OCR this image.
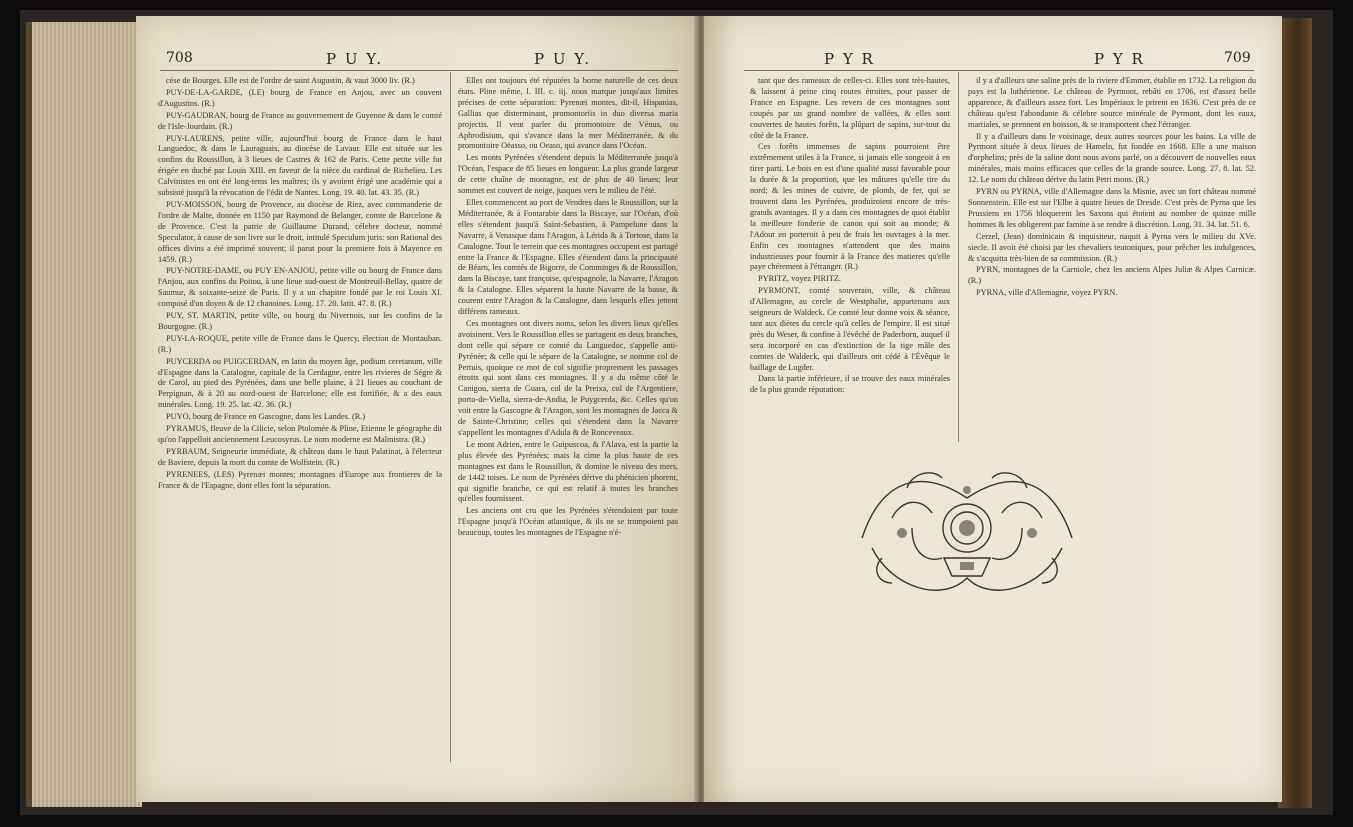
708	P U Y.	P U Y.

cése de Bourges. Elle est de l'ordre de saint Augustin, & vaut 3000 liv. (R.)

PUY-DE-LA-GARDE, (LE) bourg de France en Anjou, avec un couvent d'Augustins. (R.)

PUY-GAUDRAN, bourg de France au gouvernement de Guyenne & dans le comté de l'Isle-Jourdain. (R.)

PUY-LAURENS, petite ville, aujourd'hui bourg de France dans le haut Languedoc, & dans le Lauraguais, au diocèse de Lavaur. Elle est située sur les confins du Roussillon, à 3 lieues de Castres & 162 de Paris. Cette petite ville fut érigée en duché par Louis XIII. en faveur de la nièce du cardinal de Richelieu. Les Calvinistes en ont été long-tems les maîtres; ils y avoient érigé une académie qui a subsisté jusqu'à la révocation de l'édit de Nantes. Long. 19. 40. lat. 43. 35. (R.)

PUY-MOISSON, bourg de Provence, au diocèse de Riez, avec commanderie de l'ordre de Malte, donnée en 1150 par Raymond de Belanger, comte de Barcelone & de Provence. C'est la patrie de Guillaume Durand, célebre docteur, nommé Speculator, à cause de son livre sur le droit, intitulé Speculum juris: son Rational des offices divins a été imprimé souvent; il parut pour la premiere fois à Mayence en 1459. (R.)

PUY-NOTRE-DAME, ou PUY EN-ANJOU, petite ville ou bourg de France dans l'Anjou, aux confins du Poitou, à une lieue sud-ouest de Montreuil-Bellay, quatre de Saumur, & soixante-seize de Paris. Il y a un chapitre fondé par le roi Louis XI. composé d'un doyen & de 12 chanoines. Long. 17. 20. latit. 47. 8. (R.)

PUY, ST. MARTIN, petite ville, ou bourg du Nivernois, sur les confins de la Bourgogne. (R.)

PUY-LA-ROQUE, petite ville de France dans le Quercy, élection de Montauban. (R.)

PUYCERDA ou PUIGCERDAN, en latin du moyen âge, podium ceretanum, ville d'Espagne dans la Catalogne, capitale de la Cerdagne, entre les rivieres de Ségre & de Carol, au pied des Pyrénées, dans une belle plaine, à 21 lieues au couchant de Perpignan, & à 20 au nord-ouest de Barcelone; elle est fortifiée, & a des eaux minérales. Long. 19. 25. lat. 42. 36. (R.)

PUYO, bourg de France en Gascogne, dans les Landes. (R.)

PYRAMUS, fleuve de la Cilicie, selon Ptolomée & Pline, Etienne le géographe dit qu'on l'appelloit anciennement Leucosyrus. Le nom moderne est Malmistra. (R.)

PYRBAUM, Seigneurie immédiate, & château dans le haut Palatinat, à l'électeur de Baviere, depuis la mort du comte de Wolfstein. (R.)

PYRENEES, (LES) Pyrenæi montes; montagnes d'Europe aux frontieres de la France & de l'Espagne, dont elles font la séparation.

Elles ont toujours été réputées la borne naturelle de ces deux états. Pline même, l. III. c. iij. nous marque jusqu'aux limites précises de cette séparation: Pyrenæi montes, dit-il, Hispanias, Gallias que disterminant, promontoriis in duo diversa maria projectis. Il veut parler du promontoire de Vénus, ou Aphrodisium, qui s'avance dans la mer Méditerranée, & du promontoire Oëasso, ou Oeaso, qui avance dans l'Océan.

Les monts Pyrénées s'étendent depuis la Méditerranée jusqu'à l'Océan, l'espace de 85 lieues en longueur. La plus grande largeur de cette chaîne de montagne, est de plus de 40 lieues; leur sommet est couvert de neige, jusques vers le milieu de l'été.

Elles commencent au port de Vendres dans le Roussillon, sur la Méditerranée, & à Fontarabie dans la Biscaye, sur l'Océan, d'où elles s'étendent jusqu'à Saint-Sebastien, à Pampelune dans la Navarre, à Venasque dans l'Aragon, à Lérida & à Tortose, dans la Catalogne. Tout le terrein que ces montagnes occupent est partagé entre la France & l'Espagne. Elles s'étendent dans la principauté de Béarn, les comtés de Bigorre, de Comminges & de Roussillon, dans la Biscaye, tant françoise, qu'espagnole, la Navarre, l'Aragon & la Catalogne. Elles séparent la haute Navarre de la basse, & courent entre l'Aragon & la Catalogne, dans lesquels elles jettent différens rameaux.

Ces montagnes ont divers noms, selon les divers lieux qu'elles avoisinent. Vers le Roussillon elles se partagent en deux branches, dont celle qui sépare ce comté du Languedoc, s'appelle anti-Pyrénée; & celle qui le sépare de la Catalogne, se nomme col de Pertuis, quoique ce mot de col signifie proprement les passages étroits qui sont dans ces montagnes. Il y a du même côté le Canigou, sierra de Guara, col de la Preixa, col de l'Argentiere, porto-de-Viella, sierra-de-Andia, le Puygcerda, &c. Celles qu'on voit entre la Gascogne & l'Aragon, sont les montagnes de Jacca & de Sainte-Christine; celles qui s'étendent dans la Navarre s'appellent les montagnes d'Adula & de Ronceveaux.

Le mont Adrien, entre le Guipuscoa, & l'Alava, est la partie la plus élevée des Pyrénées; mais la cime la plus haute de ces montagnes est dans le Roussillon, & domine le niveau des mers, de 1442 toises. Le nom de Pyrénées dérive du phénicien phorent, qui signifie branche, ce qui est relatif à toutes les branches qu'elles fournissent.

Les anciens ont cru que les Pyrénées s'étendoient par toute l'Espagne jusqu'à l'Océan atlantique, & ils ne se trompoient pas beaucoup, toutes les montagnes de l'Espagne n'é-

P Y R	P Y R	709

tant que des rameaux de celles-ci. Elles sont très-hautes, & laissent à peine cinq routes étroites, pour passer de France en Espagne. Les revers de ces montagnes sont coupés par un grand nombre de vallées, & elles sont couvertes de hautes forêts, la plûpart de sapins, sur-tout du côté de la France.

Ces forêts immenses de sapins pourroient être extrêmement utiles à la France, si jamais elle songeoit à en tirer parti. Le bois en est d'une qualité aussi favorable pour la durée & la proportion, que les mâtures qu'elle tire du nord; & les mines de cuivre, de plomb, de fer, qui se trouvent dans les Pyrénées, produiroient encore de très-grands avantages. Il y a dans ces montagnes de quoi établir la meilleure fonderie de canon qui soit au monde; & l'Adour en porteroit à peu de frais les ouvrages à la mer. Enfin ces montagnes n'attendent que des mains industrieuses pour fournir à la France des matieres qu'elle paye chérement à l'étranger. (R.)

PYRITZ, voyez PIRITZ.

PYRMONT, comté souverain, ville, & château d'Allemagne, au cercle de Westphalie, appartenans aux seigneurs de Waldeck. Ce comté leur donne voix & séance, tant aux diètes du cercle qu'à celles de l'empire. Il est situé près du Weser, & confine à l'évêché de Paderborn, auquel il sera incorporé en cas d'extinction de la tige mâle des comtes de Waldeck, qui d'ailleurs ont cédé à l'Évêque le baillage de Lugder.

Dans la partie inférieure, il se trouve des eaux minérales de la plus grande réputation:

il y a d'ailleurs une saline près de la riviere d'Emmer, établie en 1732. La religion du pays est la luthérienne. Le château de Pyrmont, rebâti en 1706, est d'assez belle apparence, & d'ailleurs assez fort. Les Impériaux le prirent en 1636. C'est près de ce château qu'est l'abondante & célebre source minérale de Pyrmont, dont les eaux, martiales, se prennent en boisson, & se transportent chez l'étranger.

Il y a d'ailleurs dans le voisinage, deux autres sources pour les bains. La ville de Pyrmont située à deux lieues de Hameln, fut fondée en 1668. Elle a une maison d'orphelins; près de la saline dont nous avons parlé, on a découvert de nouvelles eaux minérales, mais moins efficaces que celles de la grande source. Long. 27. 8. lat. 52. 12. Le nom du château dérive du latin Petri mons. (R.)

PYRN ou PYRNA, ville d'Allemagne dans la Misnie, avec un fort château nommé Sonnenstein. Elle est sur l'Elbe à quatre lieues de Dresde. C'est près de Pyrna que les Prussiens en 1756 bloquerent les Saxons qui étoient au nombre de quinze mille hommes & les obligerent par famine à se rendre à discrétion. Long. 31. 34. lat. 51. 6.

Cerzel, (Jean) dominicain & inquisiteur, naquit à Pyrna vers le milieu du XVe. siecle. Il avoit été choisi par les chevaliers teutoniques, pour prêcher les indulgences, & s'acquitta très-bien de sa commission. (R.)

PYRN, montagnes de la Carniole, chez les anciens Alpes Juliæ & Alpes Carnicæ. (R.)

PYRNA, ville d'Allemagne, voyez PYRN.
